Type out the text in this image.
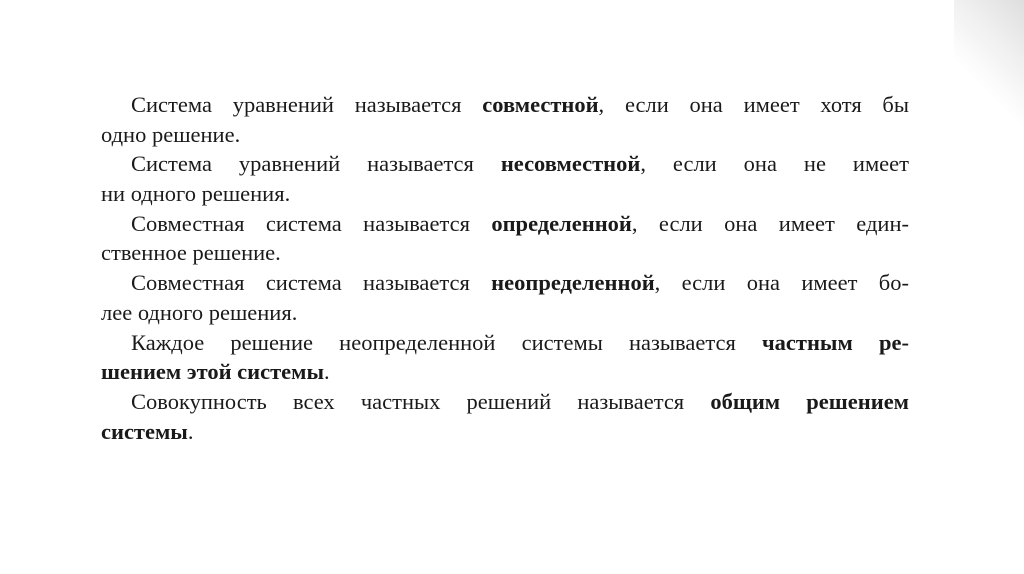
Система уравнений называется совместной, если она имеет хотя бы
одно решение.
Система уравнений называется несовместной, если она не имеет
ни одного решения.
Совместная система называется определенной, если она имеет един-
ственное решение.
Совместная система называется неопределенной, если она имеет бо-
лее одного решения.
Каждое решение неопределенной системы называется частным ре-
шением этой системы.
Совокупность всех частных решений называется общим решением
системы.
